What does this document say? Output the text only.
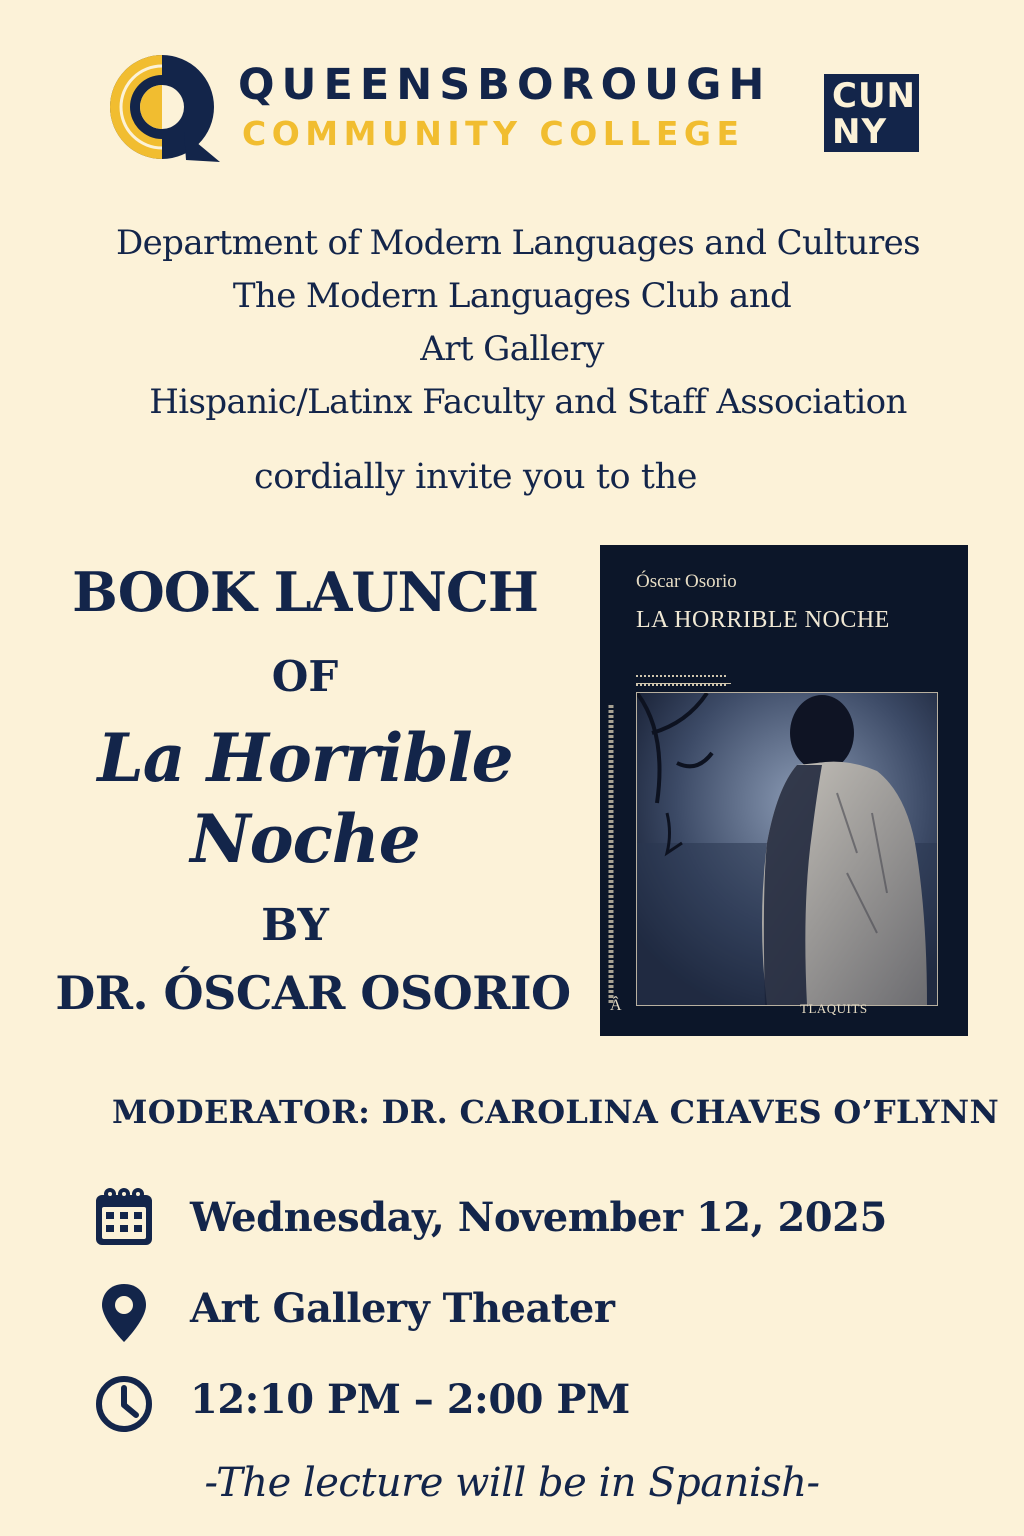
QUEENSBOROUGH
COMMUNITY COLLEGE
CUN
NY
Department of Modern Languages and Cultures
The Modern Languages Club and
Art Gallery
Hispanic/Latinx Faculty and Staff Association
cordially invite you to the
BOOK LAUNCH
OF
La Horrible
Noche
BY
DR. ÓSCAR OSORIO
Óscar Osorio
LA HORRIBLE NOCHE
Â	TLAQUITS
MODERATOR: DR. CAROLINA CHAVES O’FLYNN
Wednesday, November 12, 2025
Art Gallery Theater
12:10 PM – 2:00 PM
-The lecture will be in Spanish-
